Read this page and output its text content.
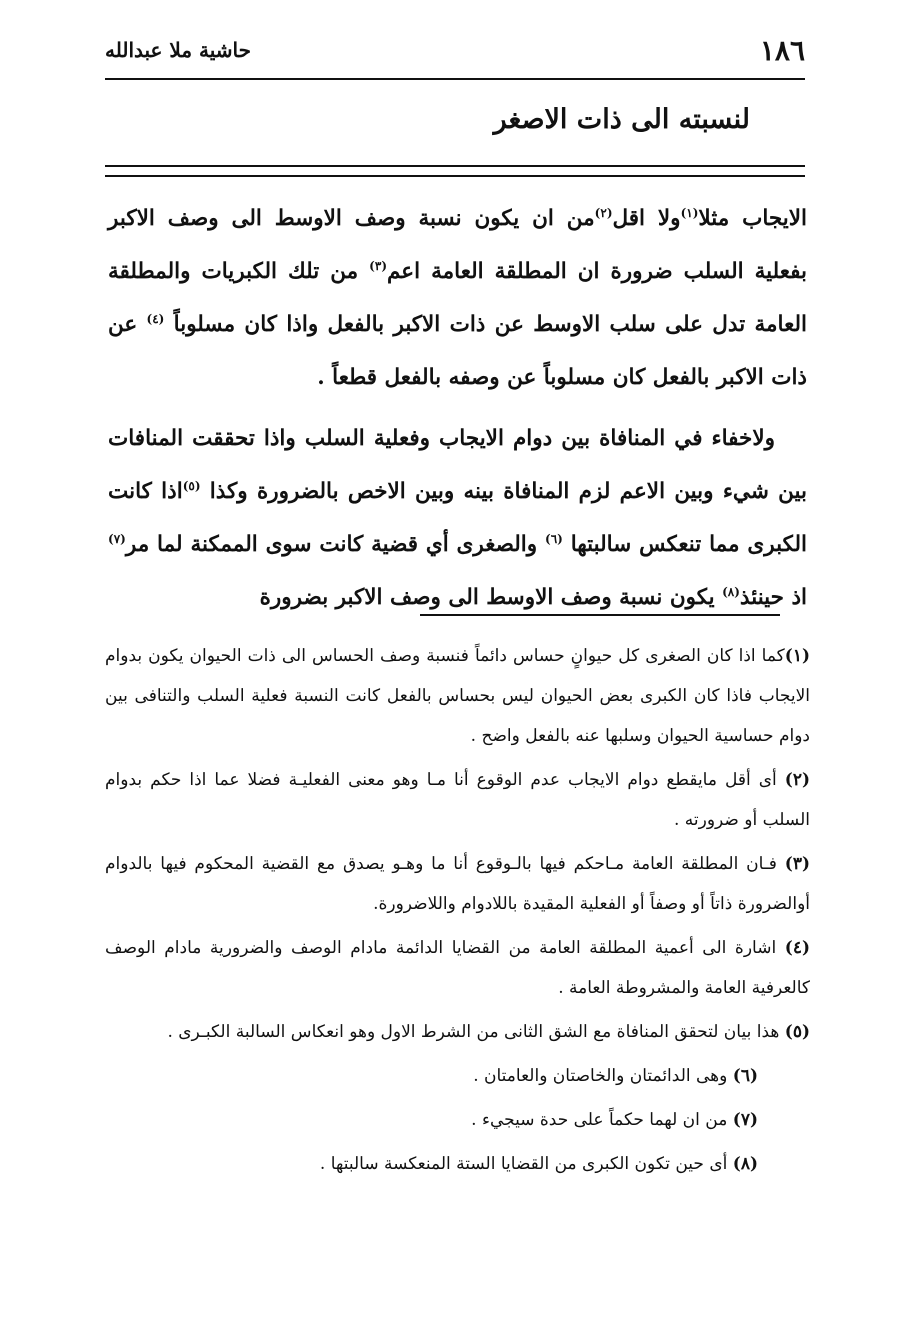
١٨٦
حاشية ملا عبدالله
لنسبته الى ذات الاصغر

الايجاب مثلا$^{(١)}$ولا اقل$^{(٢)}$من ان يكون نسبة وصف الاوسط الى وصف الاكبر بفعلية السلب ضرورة ان المطلقة العامة اعم$^{(٣)}$ من تلك الكبريات والمطلقة العامة تدل على سلب الاوسط عن ذات الاكبر بالفعل واذا كان مسلوباً $^{(٤)}$ عن ذات الاكبر بالفعل كان مسلوباً عن وصفه بالفعل قطعاً .

ولاخفاء في المنافاة بين دوام الايجاب وفعلية السلب واذا تحققت المنافات بين شيء وبين الاعم لزم المنافاة بينه وبين الاخص بالضرورة وكذا $^{(٥)}$اذا كانت الكبرى مما تنعكس سالبتها $^{(٦)}$ والصغرى أي قضية كانت سوى الممكنة لما مر$^{(٧)}$ اذ حينئذ$^{(٨)}$ يكون نسبة وصف الاوسط الى وصف الاكبر بضرورة

(١)كما اذا كان الصغرى كل حيوانٍ حساس دائماً فنسبة وصف الحساس الى ذات الحيوان يكون بدوام الايجاب فاذا كان الكبرى بعض الحيوان ليس بحساس بالفعل كانت النسبة فعلية السلب والتنافى بين دوام حساسية الحيوان وسلبها عنه بالفعل واضح .

(٢) أى أقل مايقطع دوام الايجاب عدم الوقوع أنا مـا وهو معنى الفعليـة فضلا عما اذا حكم بدوام السلب أو ضرورته .

(٣) فـان المطلقة العامة مـاحكم فيها بالـوقوع أنا ما وهـو يصدق مع القضية المحكوم فيها بالدوام أوالضرورة ذاتاً أو وصفاً أو الفعلية المقيدة باللادوام واللاضرورة.

(٤) اشارة الى أعمية المطلقة العامة من القضايا الدائمة مادام الوصف والضرورية مادام الوصف كالعرفية العامة والمشروطة العامة .

(٥) هذا بيان لتحقق المنافاة مع الشق الثانى من الشرط الاول وهو انعكاس السالبة الكبـرى .

(٦) وهى الدائمتان والخاصتان والعامتان .

(٧) من ان لهما حكماً على حدة سيجيء .

(٨) أى حين تكون الكبرى من القضايا الستة المنعكسة سالبتها .
